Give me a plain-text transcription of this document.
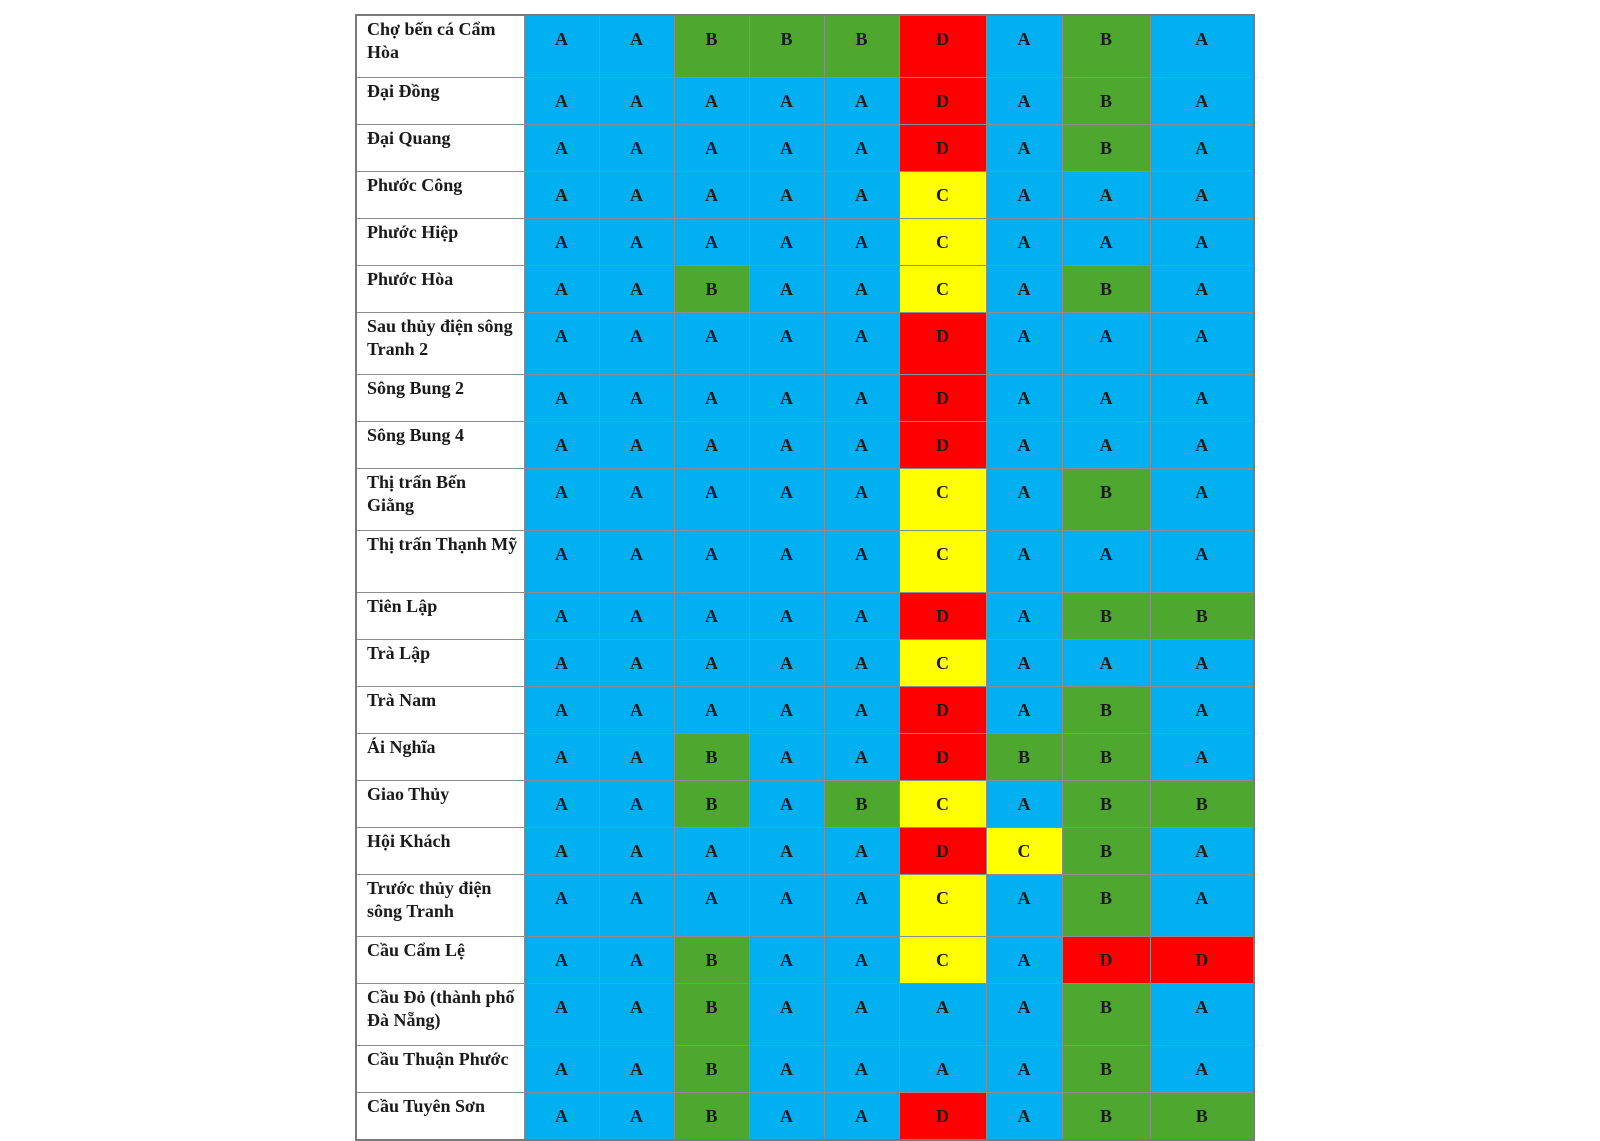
Chợ bến cá Cẩm Hòa	A	A	B	B	B	D	A	B	A
Đại Đồng	A	A	A	A	A	D	A	B	A
Đại Quang	A	A	A	A	A	D	A	B	A
Phước Công	A	A	A	A	A	C	A	A	A
Phước Hiệp	A	A	A	A	A	C	A	A	A
Phước Hòa	A	A	B	A	A	C	A	B	A
Sau thủy điện sông Tranh 2	A	A	A	A	A	D	A	A	A
Sông Bung 2	A	A	A	A	A	D	A	A	A
Sông Bung 4	A	A	A	A	A	D	A	A	A
Thị trấn Bến Giằng	A	A	A	A	A	C	A	B	A
Thị trấn Thạnh Mỹ	A	A	A	A	A	C	A	A	A
Tiên Lập	A	A	A	A	A	D	A	B	B
Trà Lập	A	A	A	A	A	C	A	A	A
Trà Nam	A	A	A	A	A	D	A	B	A
Ái Nghĩa	A	A	B	A	A	D	B	B	A
Giao Thủy	A	A	B	A	B	C	A	B	B
Hội Khách	A	A	A	A	A	D	C	B	A
Trước thủy điện sông Tranh	A	A	A	A	A	C	A	B	A
Cầu Cẩm Lệ	A	A	B	A	A	C	A	D	D
Cầu Đỏ (thành phố Đà Nẵng)	A	A	B	A	A	A	A	B	A
Cầu Thuận Phước	A	A	B	A	A	A	A	B	A
Cầu Tuyên Sơn	A	A	B	A	A	D	A	B	B
